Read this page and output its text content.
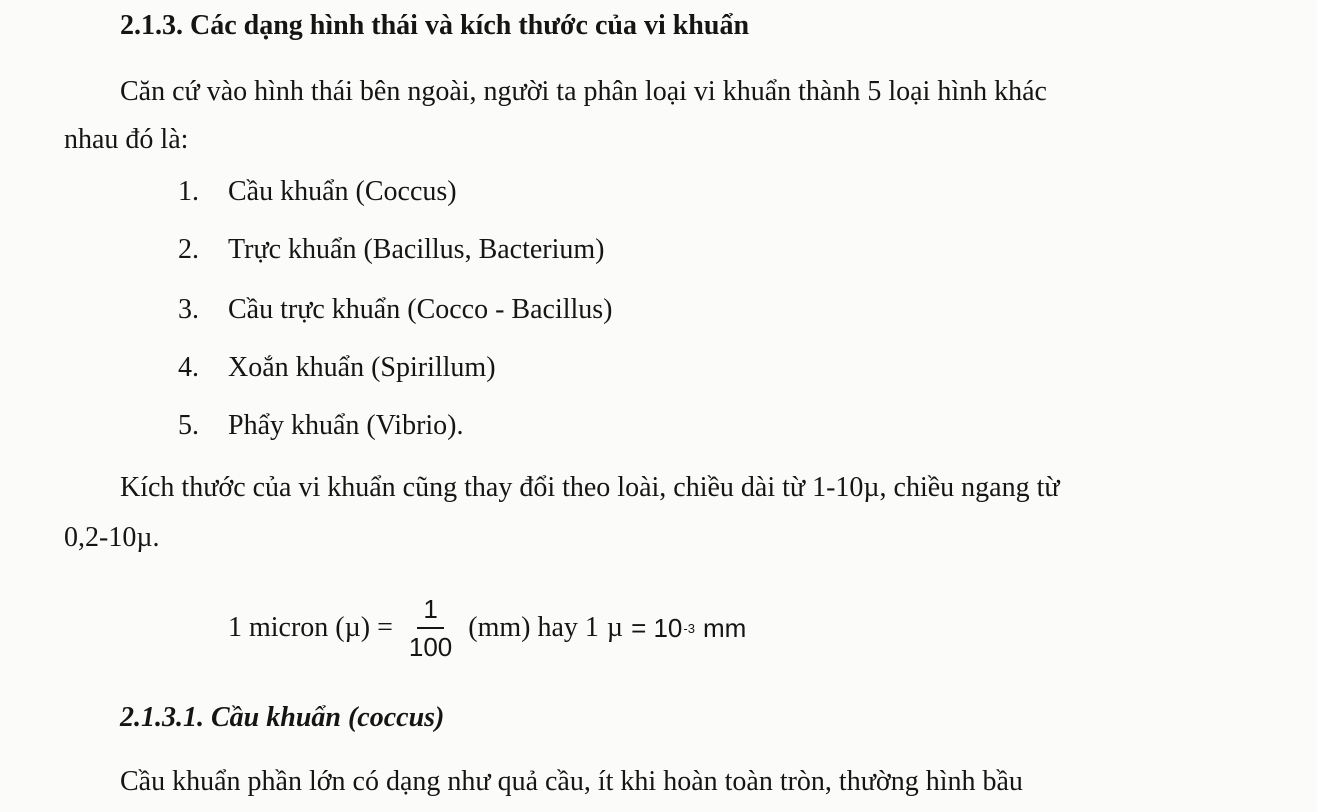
2.1.3. Các dạng hình thái và kích thước của vi khuẩn
Căn cứ vào hình thái bên ngoài, người ta phân loại vi khuẩn thành 5 loại hình khác
nhau đó là:
1. Cầu khuẩn (Coccus)
2. Trực khuẩn (Bacillus, Bacterium)
3. Cầu trực khuẩn (Cocco - Bacillus)
4. Xoắn khuẩn (Spirillum)
5. Phẩy khuẩn (Vibrio).
Kích thước của vi khuẩn cũng thay đổi theo loài, chiều dài từ 1-10µ, chiều ngang từ
0,2-10µ.
1 micron $(\mu) = \frac{1}{100} (mm)$ hay 1 µ = 10 -3 mm
2.1.3.1. Cầu khuẩn (coccus)
Cầu khuẩn phần lớn có dạng như quả cầu, ít khi hoàn toàn tròn, thường hình bầu
